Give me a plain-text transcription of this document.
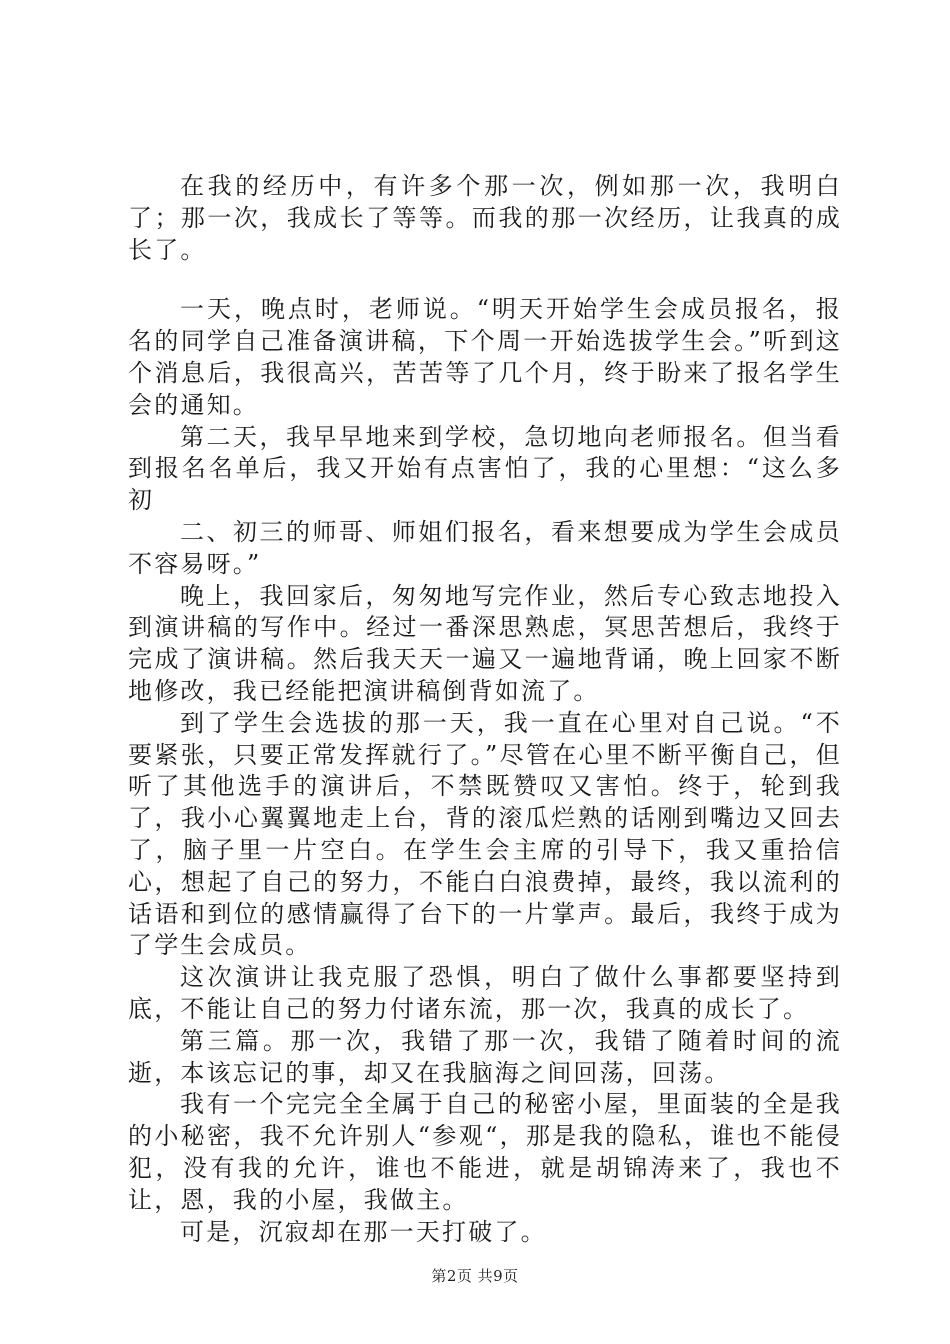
在我的经历中，有许多个那一次，例如那一次，我明白了；那一次，我成长了等等。而我的那一次经历，让我真的成长了。

一天，晚点时，老师说。“明天开始学生会成员报名，报名的同学自己准备演讲稿，下个周一开始选拔学生会。”听到这个消息后，我很高兴，苦苦等了几个月，终于盼来了报名学生会的通知。

第二天，我早早地来到学校，急切地向老师报名。但当看到报名名单后，我又开始有点害怕了，我的心里想：“这么多初

二、初三的师哥、师姐们报名，看来想要成为学生会成员不容易呀。”

晚上，我回家后，匆匆地写完作业，然后专心致志地投入到演讲稿的写作中。经过一番深思熟虑，冥思苦想后，我终于完成了演讲稿。然后我天天一遍又一遍地背诵，晚上回家不断地修改，我已经能把演讲稿倒背如流了。

到了学生会选拔的那一天，我一直在心里对自己说。“不要紧张，只要正常发挥就行了。”尽管在心里不断平衡自己，但听了其他选手的演讲后，不禁既赞叹又害怕。终于，轮到我了，我小心翼翼地走上台，背的滚瓜烂熟的话刚到嘴边又回去了，脑子里一片空白。在学生会主席的引导下，我又重拾信心，想起了自己的努力，不能白白浪费掉，最终，我以流利的话语和到位的感情赢得了台下的一片掌声。最后，我终于成为了学生会成员。

这次演讲让我克服了恐惧，明白了做什么事都要坚持到底，不能让自己的努力付诸东流，那一次，我真的成长了。

第三篇。那一次，我错了那一次，我错了随着时间的流逝，本该忘记的事，却又在我脑海之间回荡，回荡。

我有一个完完全全属于自己的秘密小屋，里面装的全是我的小秘密，我不允许别人“参观“，那是我的隐私，谁也不能侵犯，没有我的允许，谁也不能进，就是胡锦涛来了，我也不让，恩，我的小屋，我做主。

可是，沉寂却在那一天打破了。

第2页 共9页
